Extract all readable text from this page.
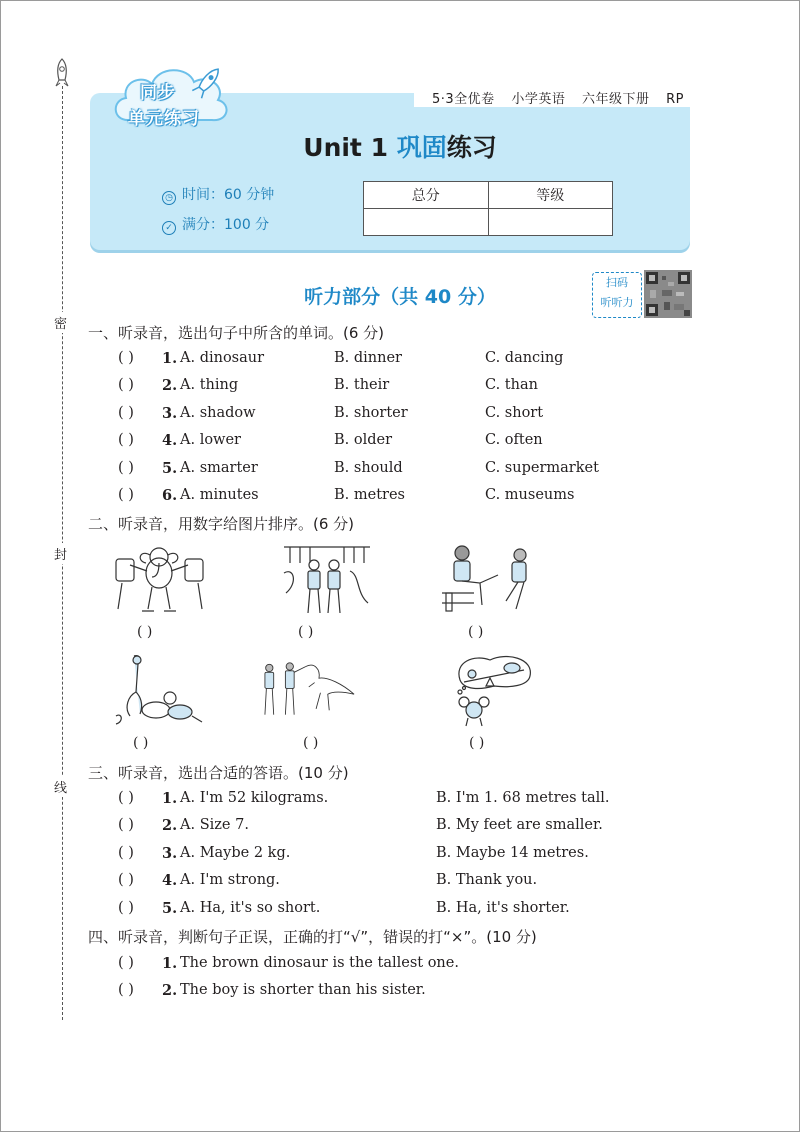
密
封
线
同步
单元练习
5·3全优卷 小学英语 六年级下册 RP
Unit 1 巩固练习
◷ 时间：60 分钟
✓ 满分：100 分
总分	等级

听力部分（共 40 分）
扫码
听听力
一、听录音，选出句子中所含的单词。(6 分)
( ) 1. A. dinosaur	B. dinner	C. dancing
( ) 2. A. thing	B. their	C. than
( ) 3. A. shadow	B. shorter	C. short
( ) 4. A. lower	B. older	C. often
( ) 5. A. smarter	B. should	C. supermarket
( ) 6. A. minutes	B. metres	C. museums
二、听录音，用数字给图片排序。(6 分)
( )	( )	( )
( )	( )	( )
三、听录音，选出合适的答语。(10 分)
( ) 1. A. I'm 52 kilograms.	B. I'm 1. 68 metres tall.
( ) 2. A. Size 7.	B. My feet are smaller.
( ) 3. A. Maybe 2 kg.	B. Maybe 14 metres.
( ) 4. A. I'm strong.	B. Thank you.
( ) 5. A. Ha, it's so short.	B. Ha, it's shorter.
四、听录音，判断句子正误，正确的打“√”，错误的打“×”。(10 分)
( ) 1. The brown dinosaur is the tallest one.
( ) 2. The boy is shorter than his sister.
